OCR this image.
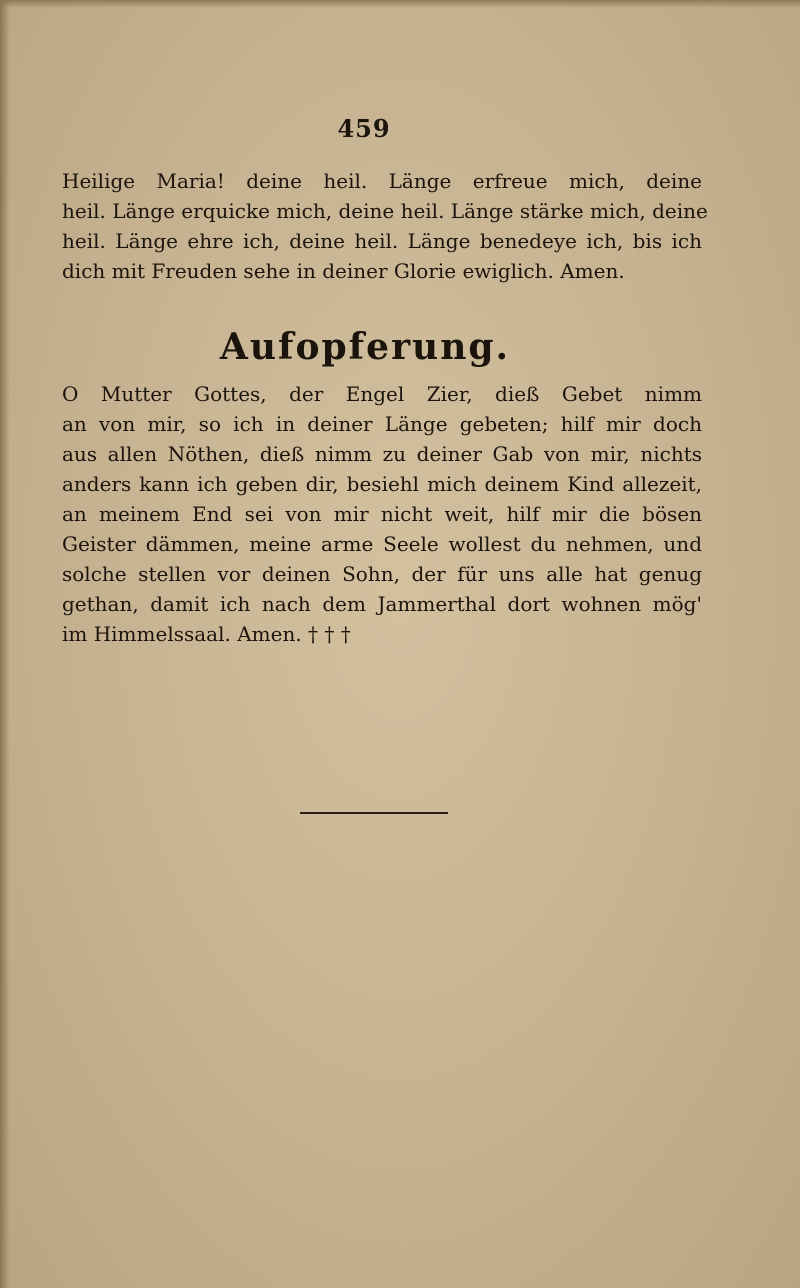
459
Heilige Maria! deine heil. Länge erfreue mich, deine
heil. Länge erquicke mich, deine heil. Länge stärke mich, deine
heil. Länge ehre ich, deine heil. Länge benedeye ich, bis ich
dich mit Freuden sehe in deiner Glorie ewiglich. Amen.
Aufopferung.
O Mutter Gottes, der Engel Zier, dieß Gebet nimm
an von mir, so ich in deiner Länge gebeten; hilf mir doch
aus allen Nöthen, dieß nimm zu deiner Gab von mir, nichts
anders kann ich geben dir, besiehl mich deinem Kind allezeit,
an meinem End sei von mir nicht weit, hilf mir die bösen
Geister dämmen, meine arme Seele wollest du nehmen, und
solche stellen vor deinen Sohn, der für uns alle hat genug
gethan, damit ich nach dem Jammerthal dort wohnen mög'
im Himmelssaal. Amen. † † †
